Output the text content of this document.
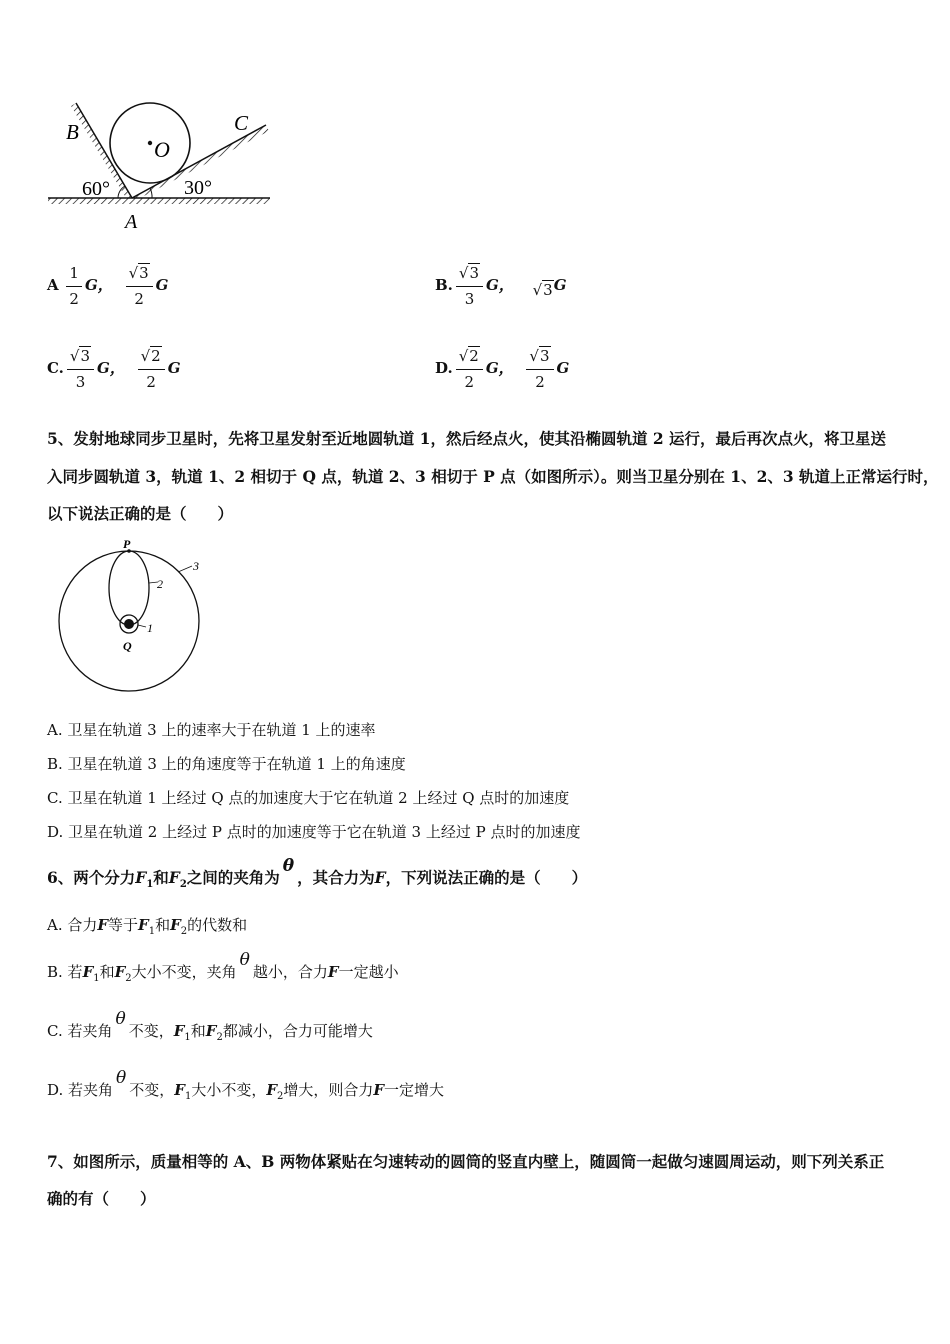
B	C
O
A
60°	30°
A $\frac{1}{2}$ G， $\frac{√3}{2}$ G	B. $\frac{√3}{3}$ G， √3G
C. $\frac{√3}{3}$ G， $\frac{√2}{2}$ G	D. $\frac{√2}{2}$ G， $\frac{√3}{2}$ G
5、发射地球同步卫星时，先将卫星发射至近地圆轨道 1，然后经点火，使其沿椭圆轨道 2 运行，最后再次点火，将卫星送
入同步圆轨道 3，轨道 1、2 相切于 Q 点，轨道 2、3 相切于 P 点（如图所示）。则当卫星分别在 1、2、3 轨道上正常运行时，
以下说法正确的是（　　）
P
Q
2
3
1
A. 卫星在轨道 3 上的速率大于在轨道 1 上的速率
B. 卫星在轨道 3 上的角速度等于在轨道 1 上的角速度
C. 卫星在轨道 1 上经过 Q 点的加速度大于它在轨道 2 上经过 Q 点时的加速度
D. 卫星在轨道 2 上经过 P 点时的加速度等于它在轨道 3 上经过 P 点时的加速度
6、两个分力$F_1$和$F_2$之间的夹角为θ，其合力为F，下列说法正确的是（　　）
A. 合力F等于$F_1$和$F_2$的代数和
B. 若$F_1$和$F_2$大小不变，夹角θ越小，合力F一定越小
C. 若夹角θ不变，$F_1$和$F_2$都减小，合力可能增大
D. 若夹角θ不变，$F_1$大小不变，$F_2$增大，则合力F一定增大
7、如图所示，质量相等的 A、B 两物体紧贴在匀速转动的圆筒的竖直内壁上，随圆筒一起做匀速圆周运动，则下列关系正
确的有（　　）
